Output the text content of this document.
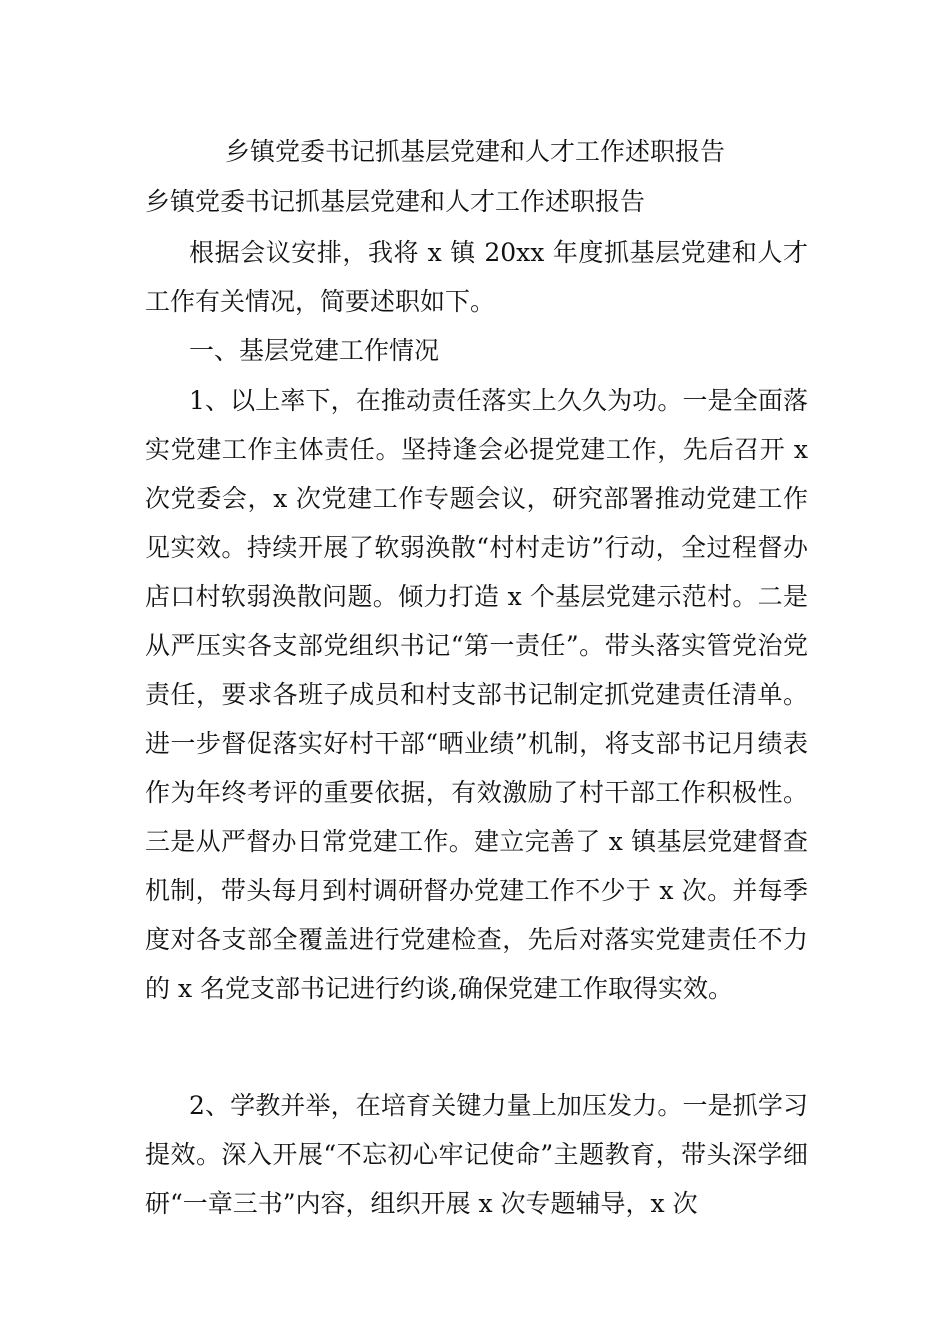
乡镇党委书记抓基层党建和人才工作述职报告
乡镇党委书记抓基层党建和人才工作述职报告

根据会议安排，我将 x 镇 20xx 年度抓基层党建和人才工作有关情况，简要述职如下。

一、基层党建工作情况

1、以上率下，在推动责任落实上久久为功。一是全面落实党建工作主体责任。坚持逢会必提党建工作，先后召开 x 次党委会，x 次党建工作专题会议，研究部署推动党建工作见实效。持续开展了软弱涣散“村村走访”行动，全过程督办店口村软弱涣散问题。倾力打造 x 个基层党建示范村。二是从严压实各支部党组织书记“第一责任”。带头落实管党治党责任，要求各班子成员和村支部书记制定抓党建责任清单。进一步督促落实好村干部“晒业绩”机制，将支部书记月绩表作为年终考评的重要依据，有效激励了村干部工作积极性。三是从严督办日常党建工作。建立完善了 x 镇基层党建督查机制，带头每月到村调研督办党建工作不少于 x 次。并每季度对各支部全覆盖进行党建检查，先后对落实党建责任不力的 x 名党支部书记进行约谈,确保党建工作取得实效。

2、学教并举，在培育关键力量上加压发力。一是抓学习提效。深入开展“不忘初心牢记使命”主题教育，带头深学细研“一章三书”内容，组织开展 x 次专题辅导，x 次
